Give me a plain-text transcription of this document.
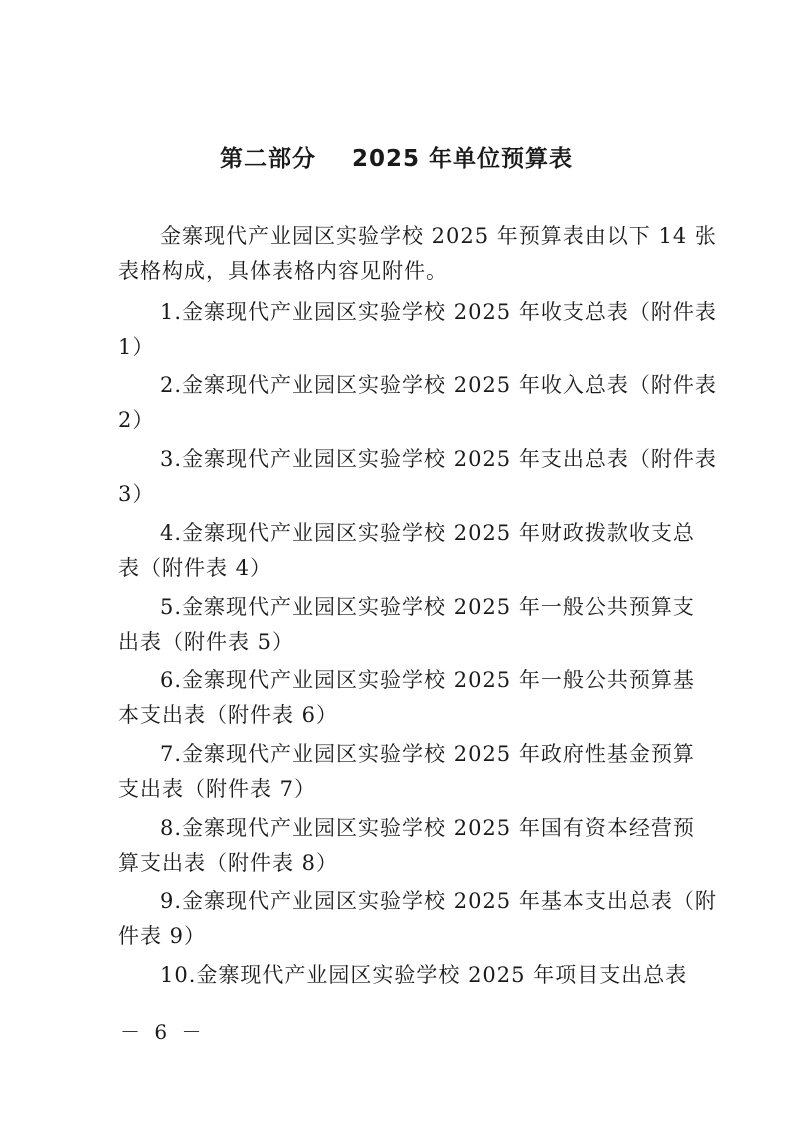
第二部分    2025 年单位预算表
金寨现代产业园区实验学校 2025 年预算表由以下 14 张
表格构成，具体表格内容见附件。
1.金寨现代产业园区实验学校 2025 年收支总表（附件表
1）
2.金寨现代产业园区实验学校 2025 年收入总表（附件表
2）
3.金寨现代产业园区实验学校 2025 年支出总表（附件表
3）
4.金寨现代产业园区实验学校 2025 年财政拨款收支总
表（附件表 4）
5.金寨现代产业园区实验学校 2025 年一般公共预算支
出表（附件表 5）
6.金寨现代产业园区实验学校 2025 年一般公共预算基
本支出表（附件表 6）
7.金寨现代产业园区实验学校 2025 年政府性基金预算
支出表（附件表 7）
8.金寨现代产业园区实验学校 2025 年国有资本经营预
算支出表（附件表 8）
9.金寨现代产业园区实验学校 2025 年基本支出总表（附
件表 9）
10.金寨现代产业园区实验学校 2025 年项目支出总表
－ 6 －
